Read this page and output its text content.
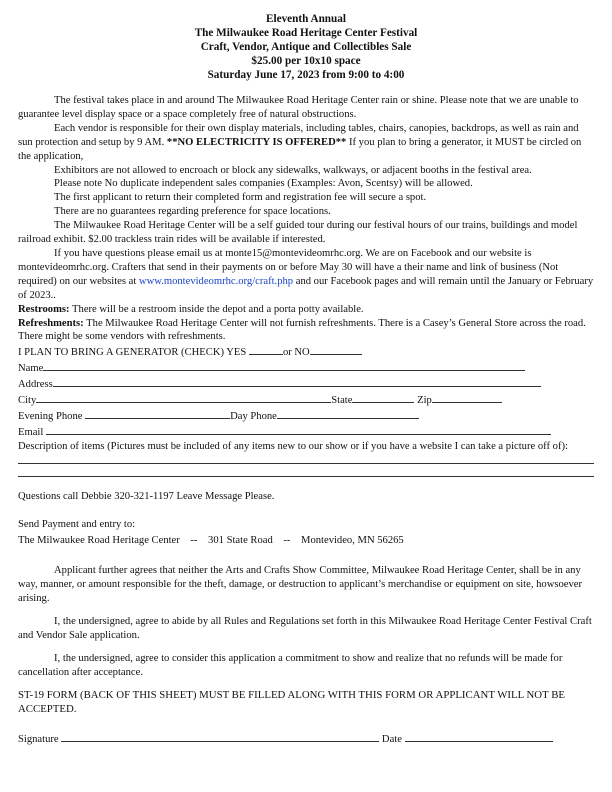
Eleventh Annual
The Milwaukee Road Heritage Center Festival
Craft, Vendor, Antique and Collectibles Sale
$25.00 per 10x10 space
Saturday June 17, 2023 from 9:00 to 4:00

The festival takes place in and around The Milwaukee Road Heritage Center rain or shine. Please note that we are unable to guarantee level display space or a space completely free of natural obstructions.

Each vendor is responsible for their own display materials, including tables, chairs, canopies, backdrops, as well as rain and sun protection and setup by 9 AM. **NO ELECTRICITY IS OFFERED** If you plan to bring a generator, it MUST be circled on the application,

Exhibitors are not allowed to encroach or block any sidewalks, walkways, or adjacent booths in the festival area.

Please note No duplicate independent sales companies (Examples: Avon, Scentsy) will be allowed.

The first applicant to return their completed form and registration fee will secure a spot.

There are no guarantees regarding preference for space locations.

The Milwaukee Road Heritage Center will be a self guided tour during our festival hours of our trains, buildings and model railroad exhibit. $2.00 trackless train rides will be available if interested.

If you have questions please email us at monte15@montevideomrhc.org. We are on Facebook and our website is montevideomrhc.org. Crafters that send in their payments on or before May 30 will have a their name and link of business (Not required) on our websites at www.montevideomrhc.org/craft.php and our Facebook pages and will remain until the January or February of 2023..

Restrooms: There will be a restroom inside the depot and a porta potty available.

Refreshments: The Milwaukee Road Heritage Center will not furnish refreshments. There is a Casey’s General Store across the road. There might be some vendors with refreshments.

I PLAN TO BRING A GENERATOR (CHECK) YES	or NO

Name

Address

City	State	Zip

Evening Phone	Day Phone

Email

Description of items (Pictures must be included of any items new to our show or if you have a website I can take a picture off of):

Questions call Debbie 320-321-1197 Leave Message Please.

Send Payment and entry to:

The Milwaukee Road Heritage Center -- 301 State Road -- Montevideo, MN 56265

Applicant further agrees that neither the Arts and Crafts Show Committee, Milwaukee Road Heritage Center, shall be in any way, manner, or amount responsible for the theft, damage, or destruction to applicant’s merchandise or equipment on site, howsoever arising.

I, the undersigned, agree to abide by all Rules and Regulations set forth in this Milwaukee Road Heritage Center Festival Craft and Vendor Sale application.

I, the undersigned, agree to consider this application a commitment to show and realize that no refunds will be made for cancellation after acceptance.

ST-19 FORM (BACK OF THIS SHEET) MUST BE FILLED ALONG WITH THIS FORM OR APPLICANT WILL NOT BE ACCEPTED.

Signature	Date
